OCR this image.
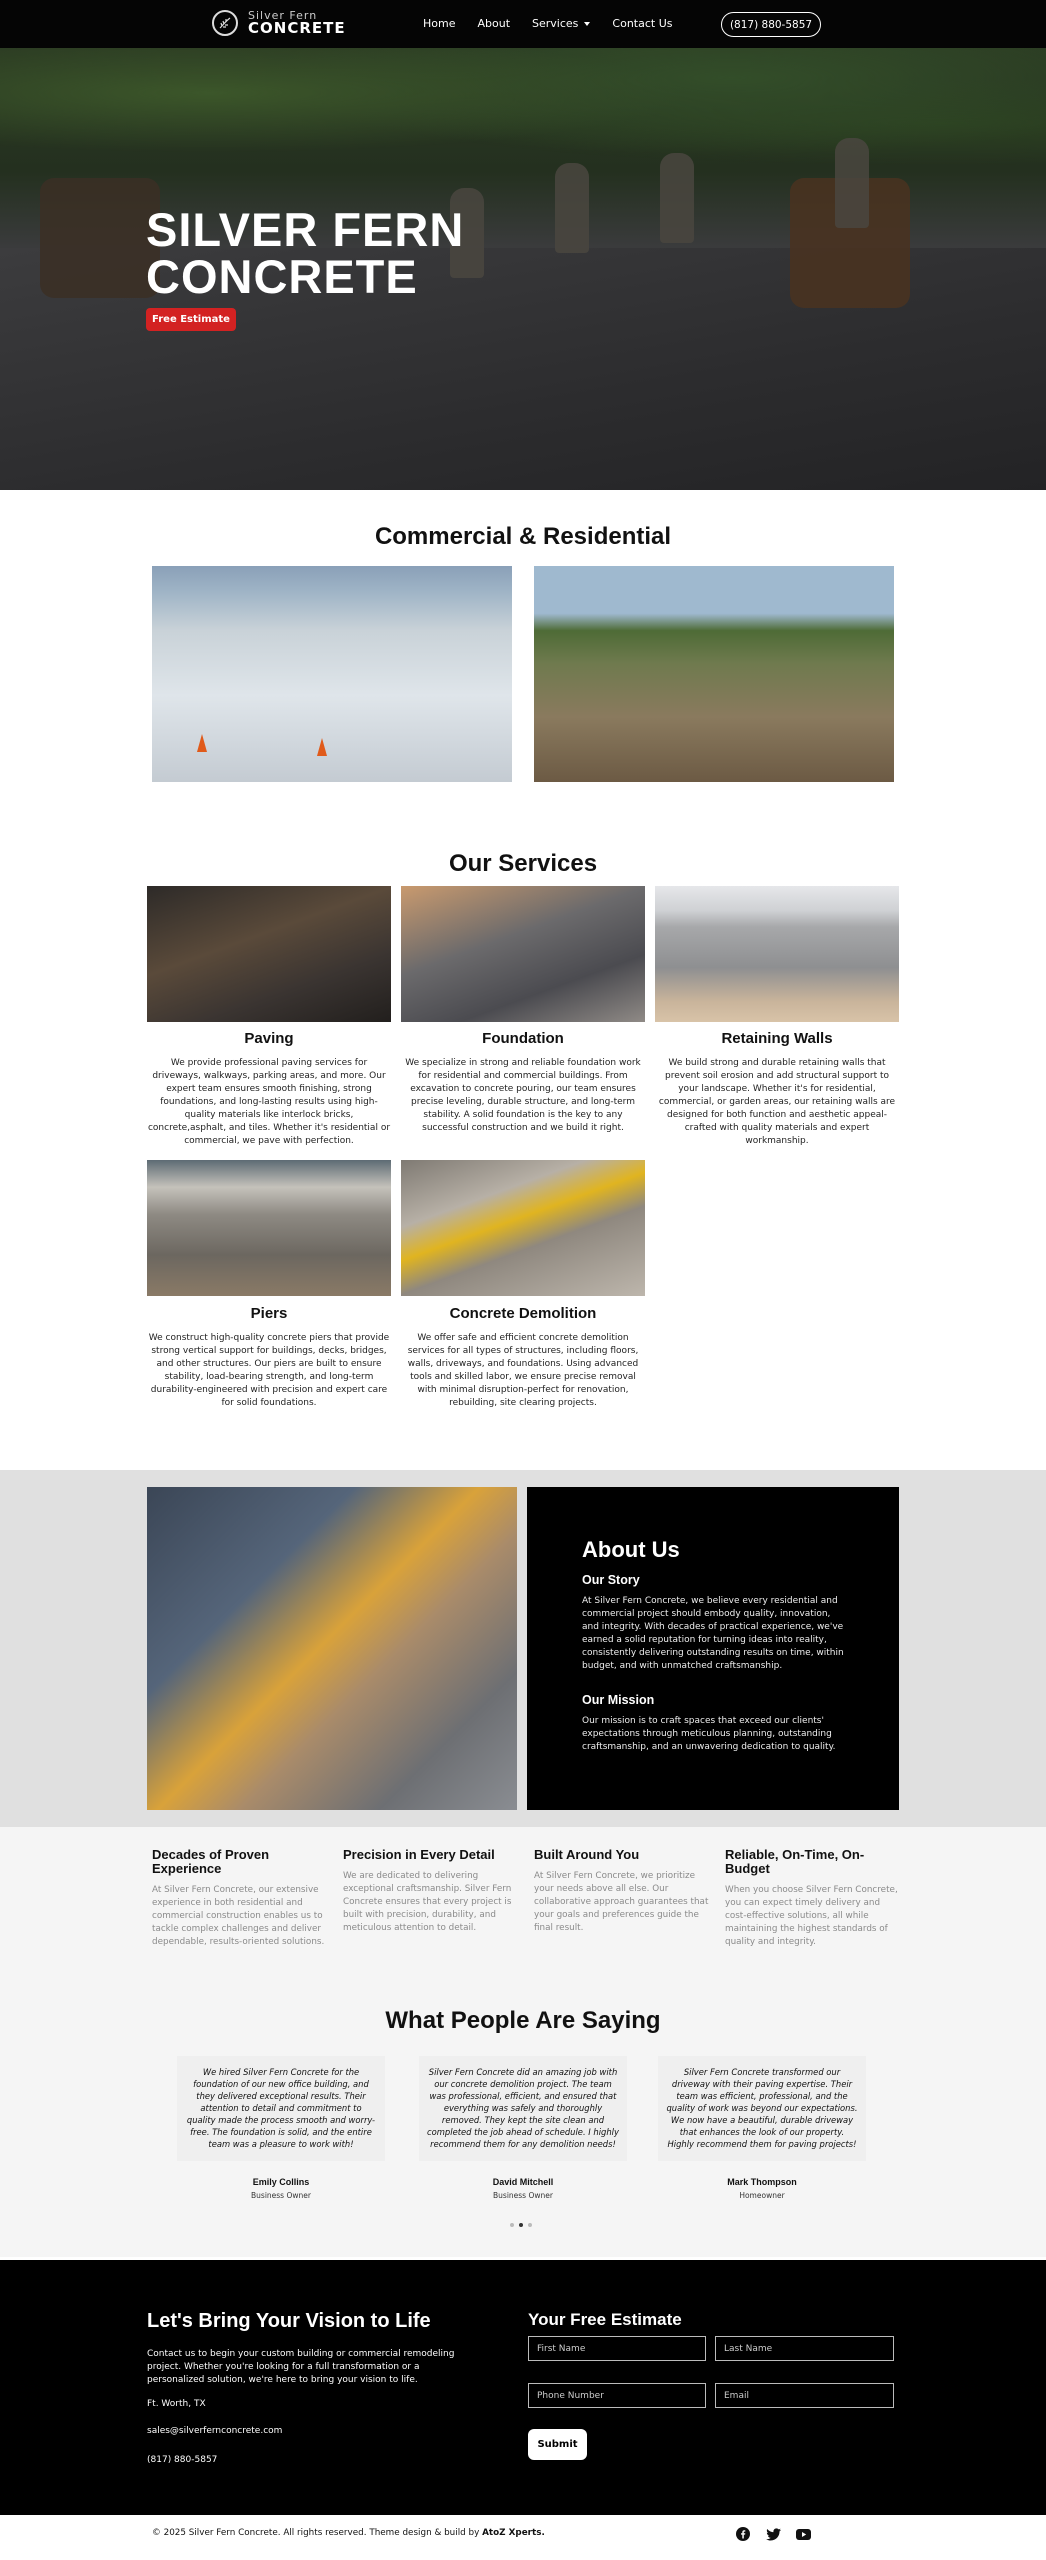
Silver Fern
CONCRETE	Home About Services	Contact Us	(817) 880-5857
SILVER FERN
CONCRETE
Free Estimate
Commercial & Residential
Our Services
Paving
We provide professional paving services for driveways, walkways, parking areas, and more. Our expert team ensures smooth finishing, strong foundations, and long-lasting results using high-quality materials like interlock bricks, concrete,asphalt, and tiles. Whether it's residential or commercial, we pave with perfection.
Foundation
We specialize in strong and reliable foundation work for residential and commercial buildings. From excavation to concrete pouring, our team ensures precise leveling, durable structure, and long-term stability. A solid foundation is the key to any successful construction and we build it right.
Retaining Walls
We build strong and durable retaining walls that prevent soil erosion and add structural support to your landscape. Whether it's for residential, commercial, or garden areas, our retaining walls are designed for both function and aesthetic appeal-crafted with quality materials and expert workmanship.
Piers
We construct high-quality concrete piers that provide strong vertical support for buildings, decks, bridges, and other structures. Our piers are built to ensure stability, load-bearing strength, and long-term durability-engineered with precision and expert care for solid foundations.
Concrete Demolition
We offer safe and efficient concrete demolition services for all types of structures, including floors, walls, driveways, and foundations. Using advanced tools and skilled labor, we ensure precise removal with minimal disruption-perfect for renovation, rebuilding, site clearing projects.
About Us
Our Story

At Silver Fern Concrete, we believe every residential and commercial project should embody quality, innovation, and integrity. With decades of practical experience, we've earned a solid reputation for turning ideas into reality, consistently delivering outstanding results on time, within budget, and with unmatched craftsmanship.

Our Mission

Our mission is to craft spaces that exceed our clients' expectations through meticulous planning, outstanding craftsmanship, and an unwavering dedication to quality.

Decades of Proven Experience
At Silver Fern Concrete, our extensive experience in both residential and commercial construction enables us to tackle complex challenges and deliver dependable, results-oriented solutions.
Precision in Every Detail
We are dedicated to delivering exceptional craftsmanship. Silver Fern Concrete ensures that every project is built with precision, durability, and meticulous attention to detail.
Built Around You
At Silver Fern Concrete, we prioritize your needs above all else. Our collaborative approach guarantees that your goals and preferences guide the final result.
Reliable, On-Time, On-Budget
When you choose Silver Fern Concrete, you can expect timely delivery and cost-effective solutions, all while maintaining the highest standards of quality and integrity.
What People Are Saying
We hired Silver Fern Concrete for the foundation of our new office building, and they delivered exceptional results. Their attention to detail and commitment to quality made the process smooth and worry-free. The foundation is solid, and the entire team was a pleasure to work with!
Emily Collins
Business Owner
Silver Fern Concrete did an amazing job with our concrete demolition project. The team was professional, efficient, and ensured that everything was safely and thoroughly removed. They kept the site clean and completed the job ahead of schedule. I highly recommend them for any demolition needs!
David Mitchell
Business Owner
Silver Fern Concrete transformed our driveway with their paving expertise. Their team was efficient, professional, and the quality of work was beyond our expectations. We now have a beautiful, durable driveway that enhances the look of our property. Highly recommend them for paving projects!
Mark Thompson
Homeowner
Let's Bring Your Vision to Life
Contact us to begin your custom building or commercial remodeling project. Whether you're looking for a full transformation or a personalized solution, we're here to bring your vision to life.
Ft. Worth, TX
sales@silverfernconcrete.com
(817) 880-5857
Your Free Estimate
First Name	Last Name
Phone Number	Email
Submit
© 2025 Silver Fern Concrete. All rights reserved. Theme design & build by AtoZ Xperts.
